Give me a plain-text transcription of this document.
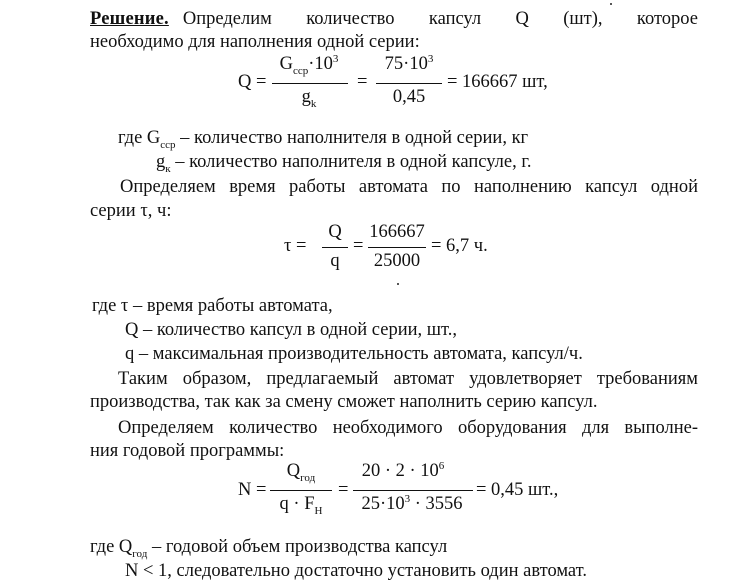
Решение. Определим количество капсул Q (шт), которое
необходимо для наполнения одной серии:
Q =
$G_{сср}\cdot 10^3$
$g_k$
=
$75\cdot 10^3$
0,45
= 166667 шт,
где $G_{ccp}$ – количество наполнителя в одной серии, кг
$g_к$ – количество наполнителя в одной капсуле, г.
Определяем время работы автомата по наполнению капсул одной
серии τ, ч:
τ =
Q
q
=
166667
25000
= 6,7 ч.
где τ – время работы автомата,
Q – количество капсул в одной серии, шт.,
q – максимальная производительность автомата, капсул/ч.
Таким образом, предлагаемый автомат удовлетворяет требованиям
производства, так как за смену сможет наполнить серию капсул.
Определяем количество необходимого оборудования для выполне-
ния годовой программы:
N =
$Q_{год}$
$q \cdot F_Н$
=
$20 \cdot 2 \cdot 10^6$
$25\cdot 10^3 \cdot 3556$
= 0,45 шт.,
где $Q_{год}$ – годовой объем производства капсул
N < 1, следовательно достаточно установить один автомат.
